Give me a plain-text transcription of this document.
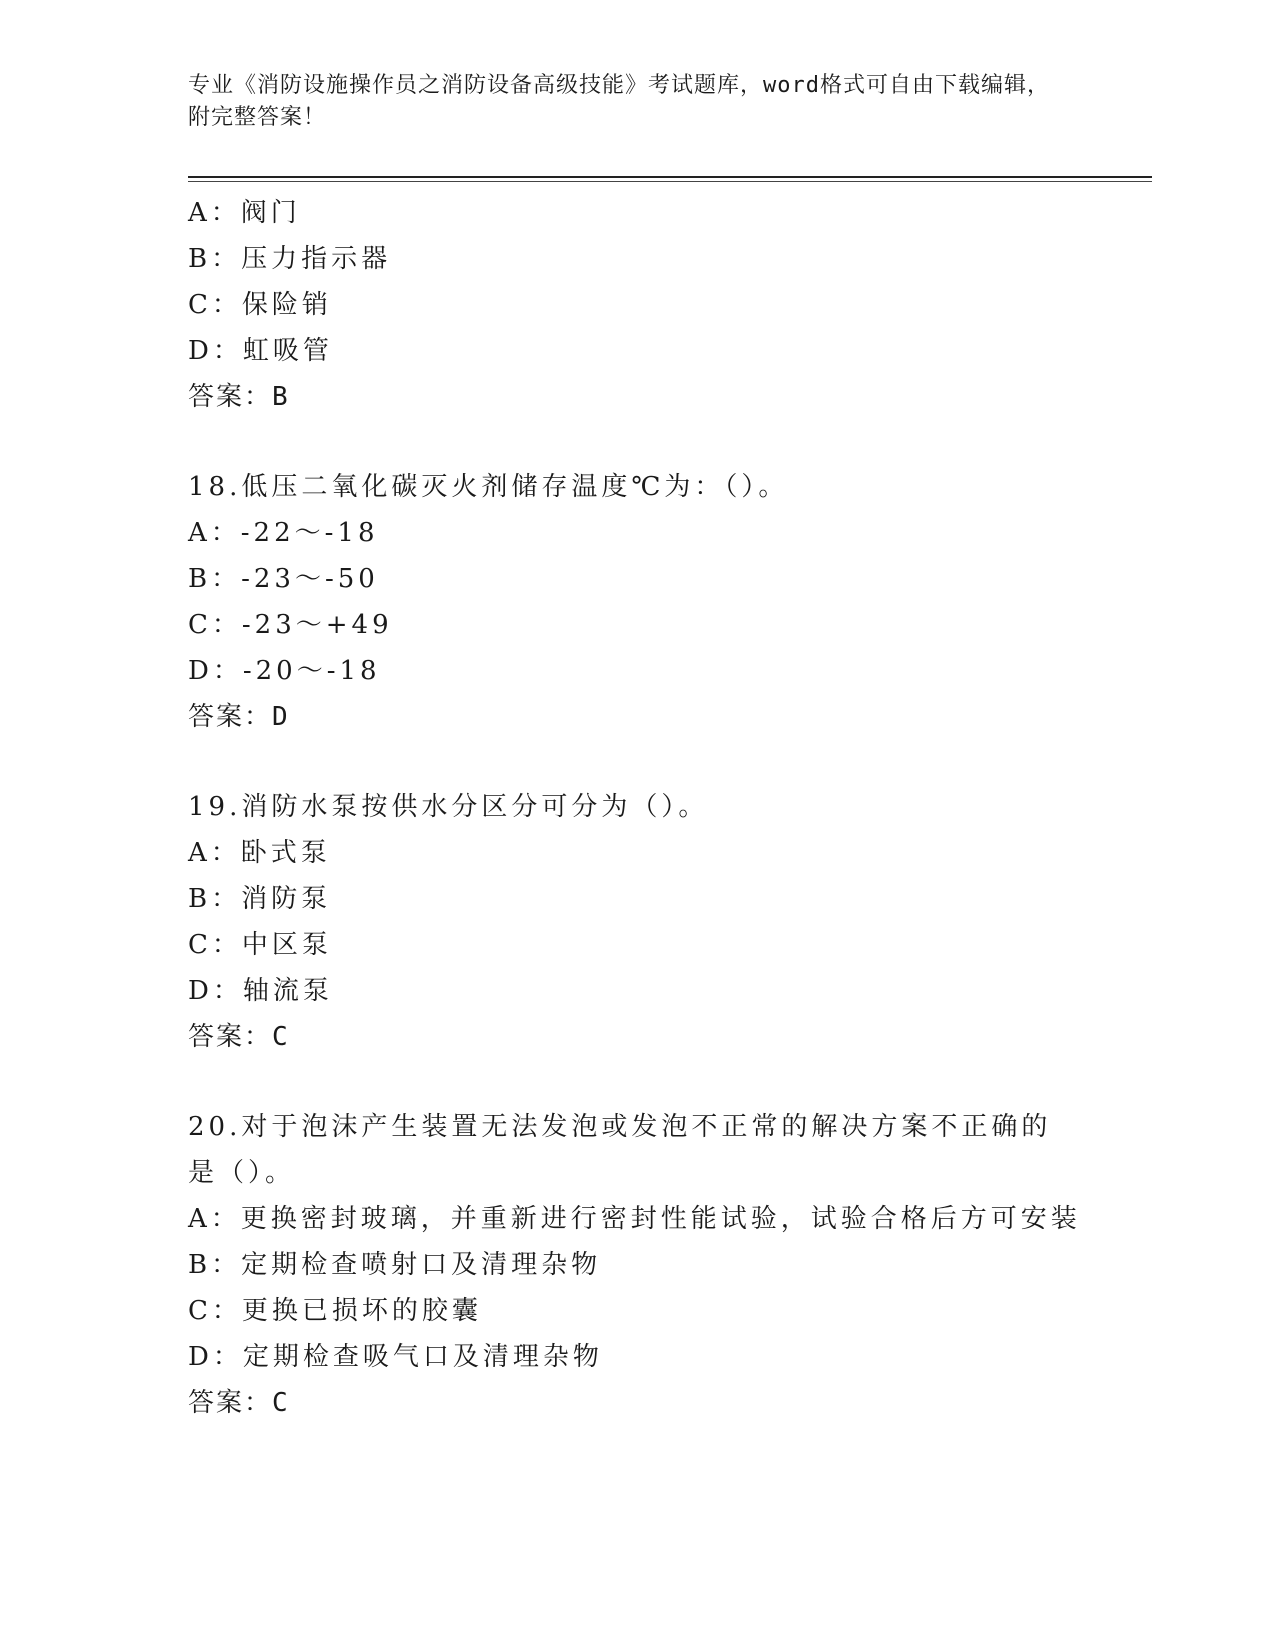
专业《消防设施操作员之消防设备高级技能》考试题库，word格式可自由下载编辑，附完整答案！
A：阀门
B：压力指示器
C：保险销
D：虹吸管
答案：B
18.低压二氧化碳灭火剂储存温度℃为：（）。
A：-22～-18
B：-23～-50
C：-23～+49
D：-20～-18
答案：D
19.消防水泵按供水分区分可分为（）。
A：卧式泵
B：消防泵
C：中区泵
D：轴流泵
答案：C
20.对于泡沫产生装置无法发泡或发泡不正常的解决方案不正确的是（）。
A：更换密封玻璃，并重新进行密封性能试验，试验合格后方可安装
B：定期检查喷射口及清理杂物
C：更换已损坏的胶囊
D：定期检查吸气口及清理杂物
答案：C
